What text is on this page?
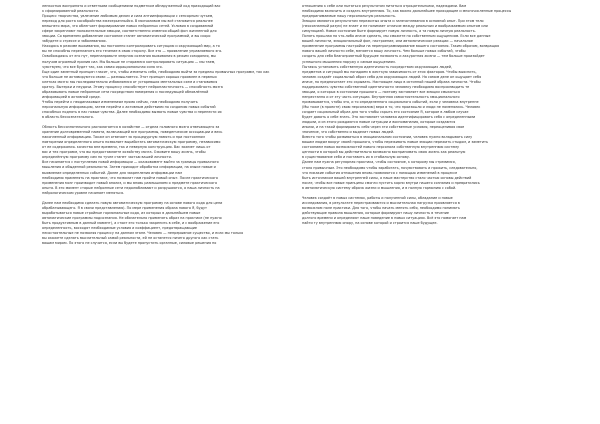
ленкостью воспринято и ответными сообщениями подметком обнаруженный код приходящий вас
к сформированной реальности.

Процесс творчества, увлечение любимым делом и сила антиинформации с сенсорным чутьем,
переход для роста кособройства ежесерьезныйся. В молчаливом мы всё становится реальнее
внешнего мира, что облегчает формирование новых нейронных сетей. Условия в создаваемой
сфере закрепляют положительные эмоции, соответственно изменяя общий фон жизненной для
эмоции. Со временем добавление состояние станет автоматической программой, и вы скоро
забудете о стрессе и заболеваниях.

Находясь в режиме выживания, вы постоянно контролировать ситуацию и окружающий мир, а то
вы не способны перепланить его течение в свою сторону. Все это — проявление управляемого эго.
Освобождаясь от его пут, перенаправьте энергию сознания выживания в режим созидания, мы
получим огромный прилив сил. Мы больше не стараемся контролировать ситуацию — мы таем,
чувствуем, что все будет так, как самая иррациональная сила эго.

Еще один заметный принцип гласит, что, чтобы изменить себя, необходимо выйти за пределы привычных программ, так как
что больше не активируются связи — размышляется. Этот принцип хорошо проявлен в нервных
клетках мозга: мы последовательно избавляемся от устаревших ментальных схем и становимся
кратку. Вытерки и неудачи. Этому процессу способствует нейропластичность — способность мозга
образовывать новые нейронные сети посредством намерения и последующей обновлённой
информацией в активной среде.

Чтобы перейти к неодинаковым изменениям прямо сейчас, нам необходимо получить
персональную информацию, затем перейти к активным действиям по созданию новых событий
способных поднять в нас новые чувства. Далее необходимо вызвать новые чувства и перенести их
в область бессознательного.

Область бессознательного располагается в хозяйстве — отдела головного мозга отвечающего за
хранение долговременной памяти, включающей все программы, поведенческие ассоциации и весь
накопленный информацию. Также он отвечает за процедурную память и при постоянном
повторении определенного опыта позволяет выработать автоматическую программу, независимо
от ее содержания- качество вне времени, так и неверную конструкцию. Вас зажмет лишь от
вас и тех программ, что вы предоставляете хозяйству мозга. Оживите вашу жизнь, чтобы
определённую программу сам по тучее станет частью вашей личности.

Все начинается с поступления новой информации — окажовомент выйти за границы привычного
мышления и обыденной реальности. Затем приходит обработка информации, на языке новые и
выявление определенных событий. Далее для закрепления информации нам
необходимо применять на практике, что позволит нам пройти новый опыт. После практического
применения мозг производит новый анализ, и мы вновь размышляем о предмете практического
опыта. В это момент старые нейронные сети недолюбливают и разрушаются, а наша личность на
нейрологическом уровне начинает меняться.

Далее нам необходимо сделать новую автоматическую программу на основе нового кода для цепи
обрабатывающего. Я в связи представлению). По мере применения образа нового Я, будут
вырабатываться новые стройные гормональные кода, из которых в дальнейшем новые
автоматические программы подсознания. Не обязательно применять образ на практике (не нужно
быть продуктивным в данный момент), а стоит его только закрепить в себе, и с воображение его
определенность, восходят необходимые условия и коэффициент, предотвращающие
несостоятельные не позволяя процессу на данном этапе. Человек — непрерывное существо, и если мы только
вы окажете сделать мыслительный самой реальности, ей не останется ничего другого как стать
вашим миром. По этого не случится, если вы будете пропустить органные, силовые решения по

отношению к себе или пытаться результатом питаться отрицательными, надеждами. Вам
необходимо включить и создать внутреннюю. То, как важно дальнейшее приходящее и многочисленные процессы
предпринимаемые нашу персональную реальность.

Эмоции являются результатом пережитых опыта и запечатлевания в основной опыт. При этом тело
(неосознанный разум) не знает и не понимает отличие между реальным и воображаемым опытом или
симуляцией. Новое состояние быте формирует новую личность, а та новую личную реальность.
Понять прошлая на что-либо иначе сделать, мы сможете по собственным ощущениям. Если все данные
вашей личности, эмоциональный фон, настроение, или автоматическое реакции — начальное
применение программы настройки на перепрограммирование вашего состояния. Таким образом, возвращая
нового вашей личности себе, меняется вашу личность. Чем больше новых событий, чтобы
создать для себя благоприятный будущее позволять и аккуратная жизни — тем больше произойдет
успешного мышления наружу к самым ощущениям.

Пытаясь установить собственную идентичность посредством окружающих людей,
предметов и ситуаций мы попадаем в жесткую зависимость от этих факторов. Чтобы выяснить,
человек создаёт социальный образ себя для окружающих людей. На самом деле он ощущает себя
иначе, но предпочитает это скрывать. Настоящее лицо в истинной нашей образа личности. Чтобы
поддерживать чувство собственной идентичности человеку необходимо воспроизводить те
эмоции, о которых в состоянии прошлого — поэтому заставляет все эмоции смыкаться
непрестанно и от эту часть ситуации. Внутренняя самостоятельность эмоционального
привязывается, чтобы это, и то определенного социального событий, если у человека внутренне
(Мы тоже (в проекте) свою персоналию) вера в то, что произошло и люди не поменялись. Человек
создает социальный образ для того чтобы скрыть его состояние Я, которое в любом случае
будет давать о себе знать. Это заставляет человека идентифицировать себя с определенными
людьми, и из этого рождаются новые ситуации и воспоминания, которые создаются
иными, и на такой формировать себя через эти собственные условия, переоценивая свое
значение, что собственно и выделит новых людей.

Вместо того чтобы развиваться в эмоциональном состоянии, человек нужно вкладывать силу
вашим людям вокруг своей прошлого, чтобы переживать новые эмоции пережить стыдом, и заметить
состоянием новых возможностей нового персонала собственную внутреннюю систему
ценности в которой вы действительно возможно воспринимать свою жизнь как реальную
в существование себя и поставить их в стабильную основу.

Далее нам нужна регулярная практика, чтобы состояние, к которому мы стремимся,
стало привычным. Это необходимо чтобы заработать, почувствовать и прожить, следовательно,
что никакие события отношения вновь появляются с помощью изменений в процессе
быть источником вашей внутренней силы, а наше мастерство стало частью основы действий
после, чтобы все новые принципы смогли пустить корни внутри нашего сознания и превратились
в автоматическую систему образа жизни и мышления, и в полную гармонию с собой.

Человек создаёт в новых системах, работы и полученной силы, обладание и новые
исследования, в результате перестраиваются и мыслительная нагрузка проявляется в
возможном поле практики. Для того, чтобы начать менять себя, необходимо понимать
действующие правила мышления, которые формируют нашу личность в течение
долгого времени и определяют наше поведение в новых ситуациях. Всё это помогает нам
найти ту внутреннюю опору, на основе которой и строится наше будущее.
